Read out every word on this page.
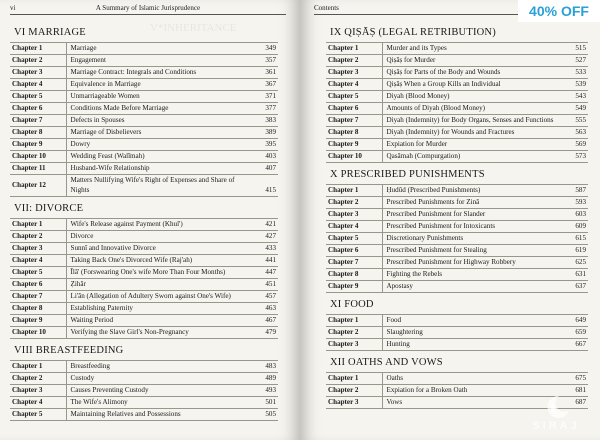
V*INHERITANCE
vi	A Summary of Islamic Jurisprudence
VI MARRIAGE
Chapter 1	Marriage	349
Chapter 2	Engagement	357
Chapter 3	Marriage Contract: Integrals and Conditions	361
Chapter 4	Equivalence in Marriage	367
Chapter 5	Unmarriageable Women	371
Chapter 6	Conditions Made Before Marriage	377
Chapter 7	Defects in Spouses	383
Chapter 8	Marriage of Disbelievers	389
Chapter 9	Dowry	395
Chapter 10	Wedding Feast (Walīmah)	403
Chapter 11	Husband-Wife Relationship	407
Chapter 12	Matters Nullifying Wife's Right of Expenses and Share of Nights	415
VII: DIVORCE
Chapter 1	Wife's Release against Payment (Khul')	421
Chapter 2	Divorce	427
Chapter 3	Sunnī and Innovative Divorce	433
Chapter 4	Taking Back One's Divorced Wife (Raj'ah)	441
Chapter 5	Īlā' (Forswearing One's wife More Than Four Months)	447
Chapter 6	Ẓihār	451
Chapter 7	Li'ān (Allegation of Adultery Sworn against One's Wife)	457
Chapter 8	Establishing Paternity	463
Chapter 9	Waiting Period	467
Chapter 10	Verifying the Slave Girl's Non-Pregnancy	479
VIII BREASTFEEDING
Chapter 1	Breastfeeding	483
Chapter 2	Custody	489
Chapter 3	Causes Preventing Custody	493
Chapter 4	The Wife's Alimony	501
Chapter 5	Maintaining Relatives and Possessions	505
Contents
IX QIṢĀṢ (LEGAL RETRIBUTION)
Chapter 1	Murder and its Types	515
Chapter 2	Qiṣāṣ for Murder	527
Chapter 3	Qiṣāṣ for Parts of the Body and Wounds	533
Chapter 4	Qiṣāṣ When a Group Kills an Individual	539
Chapter 5	Diyah (Blood Money)	543
Chapter 6	Amounts of Diyah (Blood Money)	549
Chapter 7	Diyah (Indemnity) for Body Organs, Senses and Functions	555
Chapter 8	Diyah (Indemnity) for Wounds and Fractures	563
Chapter 9	Expiation for Murder	569
Chapter 10	Qasāmah (Compurgation)	573
X PRESCRIBED PUNISHMENTS
Chapter 1	Ḥudūd (Prescribed Punishments)	587
Chapter 2	Prescribed Punishments for Zinā	593
Chapter 3	Prescribed Punishment for Slander	603
Chapter 4	Prescribed Punishment for Intoxicants	609
Chapter 5	Discretionary Punishments	615
Chapter 6	Prescribed Punishment for Stealing	619
Chapter 7	Prescribed Punishment for Highway Robbery	625
Chapter 8	Fighting the Rebels	631
Chapter 9	Apostasy	637
XI FOOD
Chapter 1	Food	649
Chapter 2	Slaughtering	659
Chapter 3	Hunting	667
XII OATHS AND VOWS
Chapter 1	Oaths	675
Chapter 2	Expiation for a Broken Oath	681
Chapter 3	Vows	687
40% OFF
SIRAJ
